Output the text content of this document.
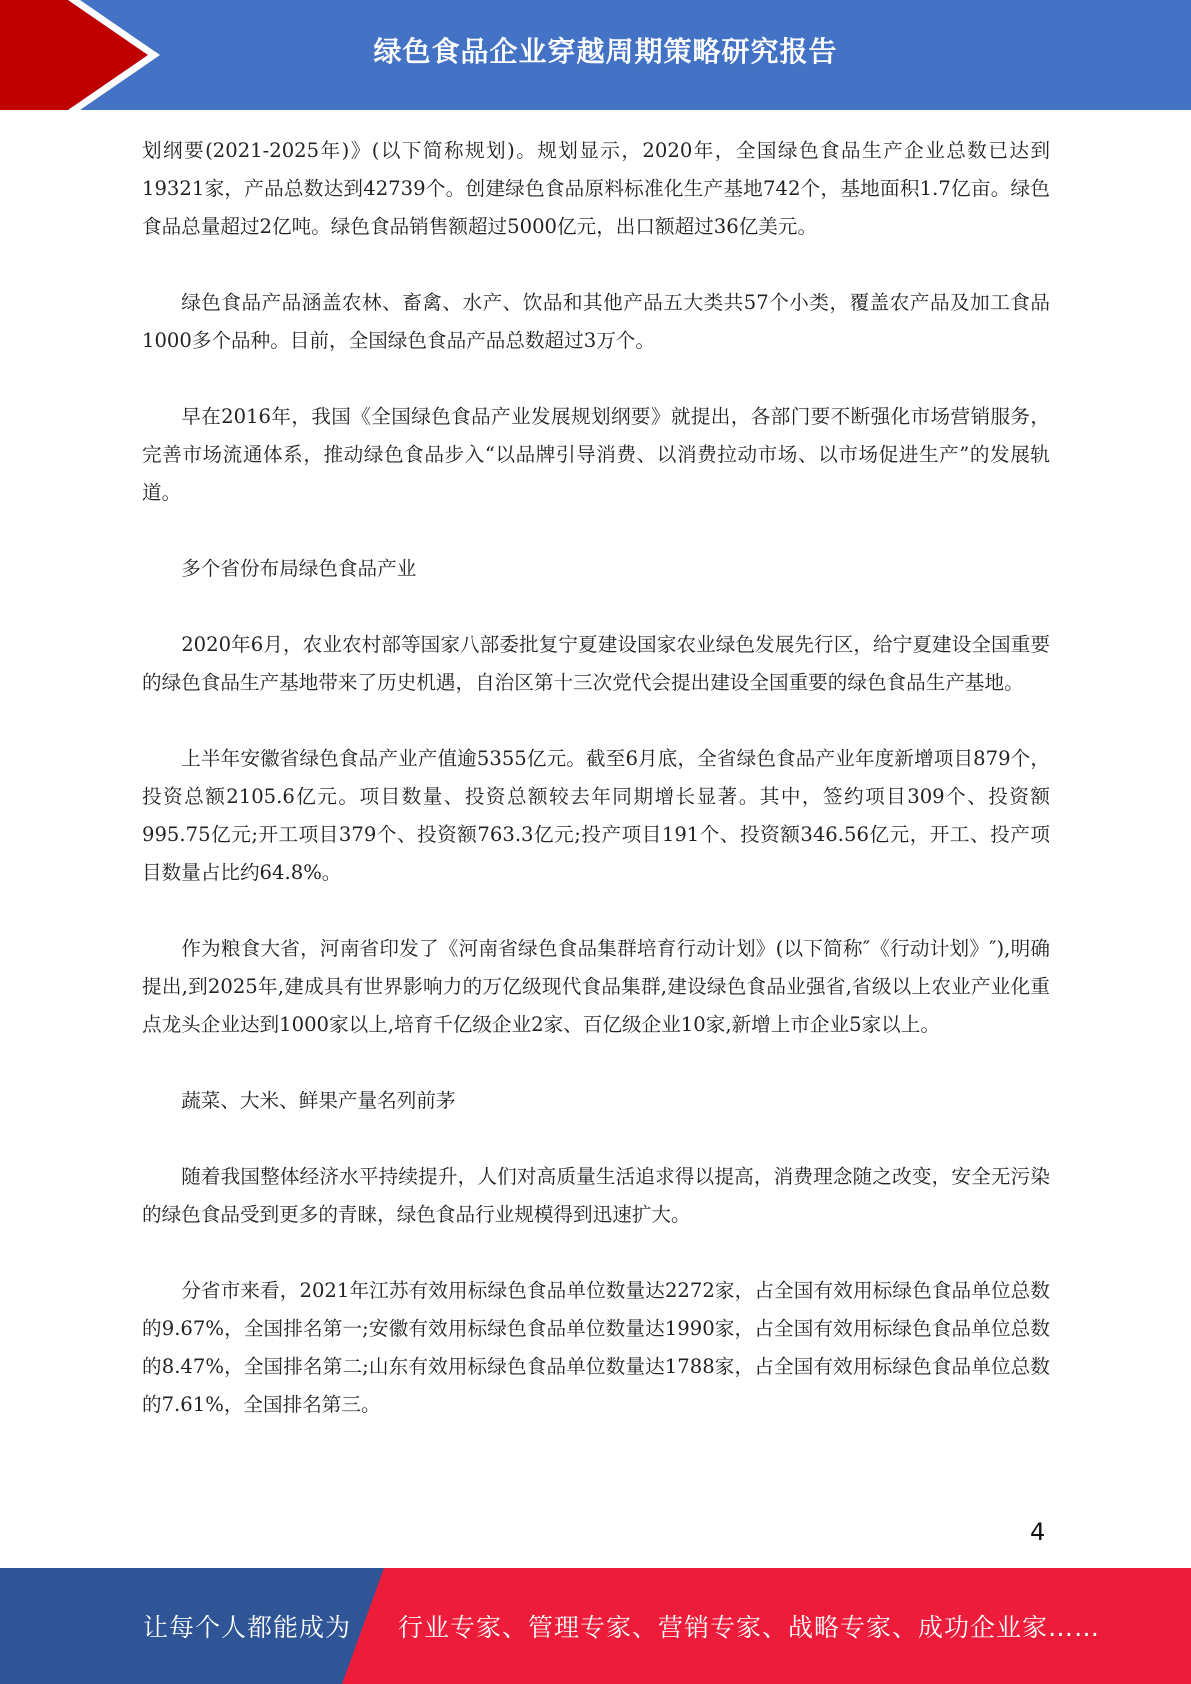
绿色食品企业穿越周期策略研究报告

划纲要(2021-2025年)》(以下简称规划)。规划显示，2020年，全国绿色食品生产企业总数已达到19321家，产品总数达到42739个。创建绿色食品原料标准化生产基地742个，基地面积1.7亿亩。绿色食品总量超过2亿吨。绿色食品销售额超过5000亿元，出口额超过36亿美元。

绿色食品产品涵盖农林、畜禽、水产、饮品和其他产品五大类共57个小类，覆盖农产品及加工食品1000多个品种。目前，全国绿色食品产品总数超过3万个。

早在2016年，我国《全国绿色食品产业发展规划纲要》就提出，各部门要不断强化市场营销服务，完善市场流通体系，推动绿色食品步入“以品牌引导消费、以消费拉动市场、以市场促进生产”的发展轨道。

多个省份布局绿色食品产业

2020年6月，农业农村部等国家八部委批复宁夏建设国家农业绿色发展先行区，给宁夏建设全国重要的绿色食品生产基地带来了历史机遇，自治区第十三次党代会提出建设全国重要的绿色食品生产基地。

上半年安徽省绿色食品产业产值逾5355亿元。截至6月底，全省绿色食品产业年度新增项目879个，投资总额2105.6亿元。项目数量、投资总额较去年同期增长显著。其中，签约项目309个、投资额995.75亿元;开工项目379个、投资额763.3亿元;投产项目191个、投资额346.56亿元，开工、投产项目数量占比约64.8%。

作为粮食大省，河南省印发了《河南省绿色食品集群培育行动计划》(以下简称″《行动计划》″),明确提出,到2025年,建成具有世界影响力的万亿级现代食品集群,建设绿色食品业强省,省级以上农业产业化重点龙头企业达到1000家以上,培育千亿级企业2家、百亿级企业10家,新增上市企业5家以上。

蔬菜、大米、鲜果产量名列前茅

随着我国整体经济水平持续提升，人们对高质量生活追求得以提高，消费理念随之改变，安全无污染的绿色食品受到更多的青睐，绿色食品行业规模得到迅速扩大。

分省市来看，2021年江苏有效用标绿色食品单位数量达2272家，占全国有效用标绿色食品单位总数的9.67%，全国排名第一;安徽有效用标绿色食品单位数量达1990家，占全国有效用标绿色食品单位总数的8.47%，全国排名第二;山东有效用标绿色食品单位数量达1788家，占全国有效用标绿色食品单位总数的7.61%，全国排名第三。

4
让每个人都能成为 行业专家、管理专家、营销专家、战略专家、成功企业家……
